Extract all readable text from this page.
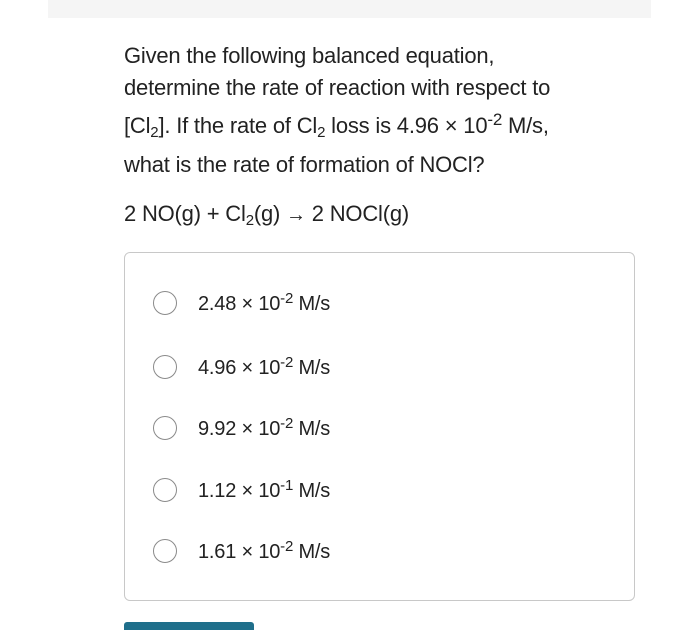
Given the following balanced equation,
determine the rate of reaction with respect to
$[Cl_2]$. If the rate of $Cl_2$ loss is $4.96 \times 10^{-2}$ M/s,
what is the rate of formation of NOCl?
2 $NO(g) + Cl_2(g) \to 2$ NOCl(g)
$2.48 \times 10^{-2}$ M/s
$4.96 \times 10^{-2}$ M/s
$9.92 \times 10^{-2}$ M/s
$1.12 \times 10^{-1}$ M/s
$1.61 \times 10^{-2}$ M/s
